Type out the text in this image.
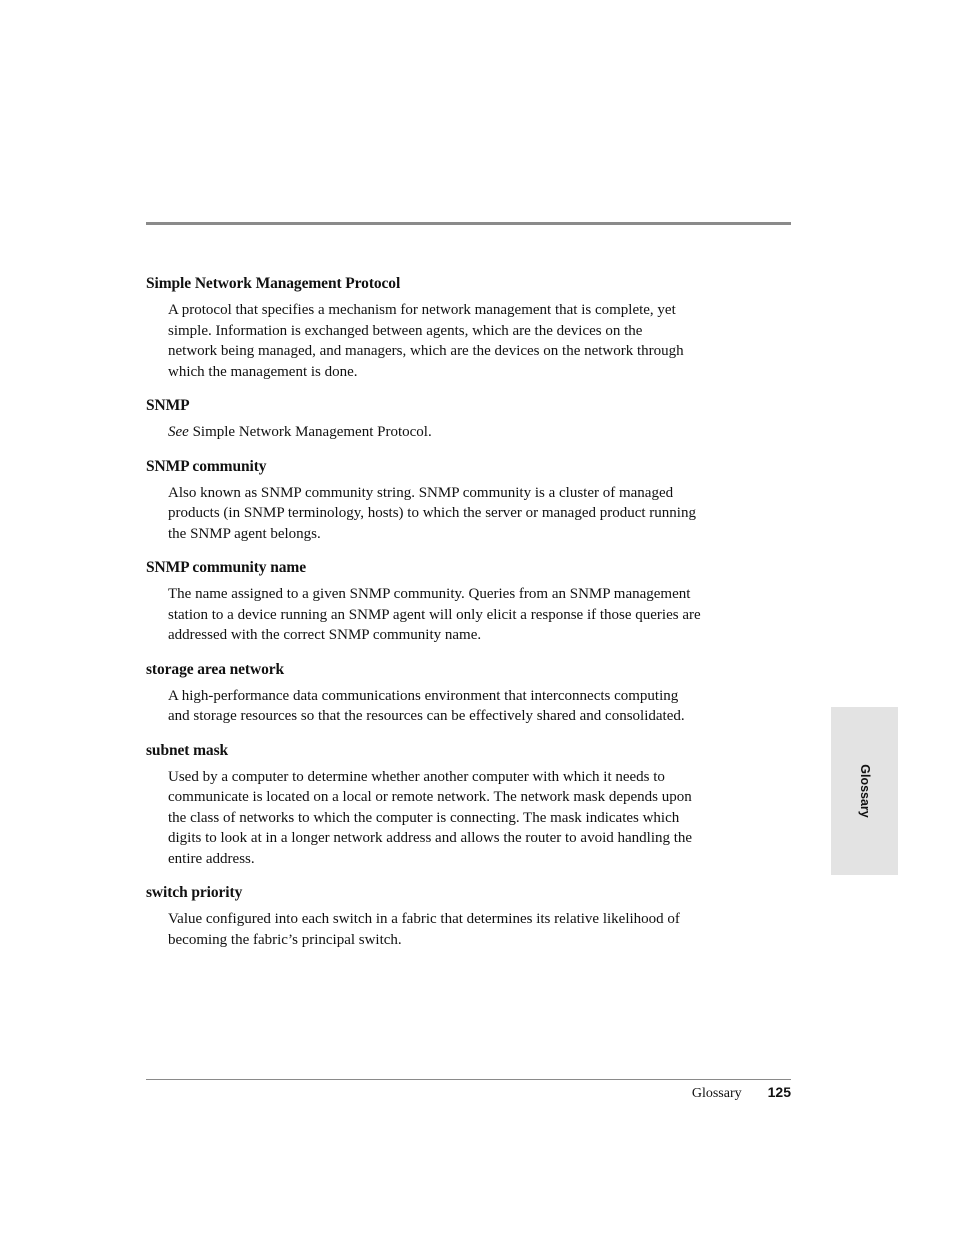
Simple Network Management Protocol
A protocol that specifies a mechanism for network management that is complete, yet
simple. Information is exchanged between agents, which are the devices on the
network being managed, and managers, which are the devices on the network through
which the management is done.
SNMP
See Simple Network Management Protocol.
SNMP community
Also known as SNMP community string. SNMP community is a cluster of managed
products (in SNMP terminology, hosts) to which the server or managed product running
the SNMP agent belongs.
SNMP community name
The name assigned to a given SNMP community. Queries from an SNMP management
station to a device running an SNMP agent will only elicit a response if those queries are
addressed with the correct SNMP community name.
storage area network
A high-performance data communications environment that interconnects computing
and storage resources so that the resources can be effectively shared and consolidated.
subnet mask
Used by a computer to determine whether another computer with which it needs to
communicate is located on a local or remote network. The network mask depends upon
the class of networks to which the computer is connecting. The mask indicates which
digits to look at in a longer network address and allows the router to avoid handling the
entire address.
switch priority
Value configured into each switch in a fabric that determines its relative likelihood of
becoming the fabric’s principal switch.
Glossary
Glossary 125
